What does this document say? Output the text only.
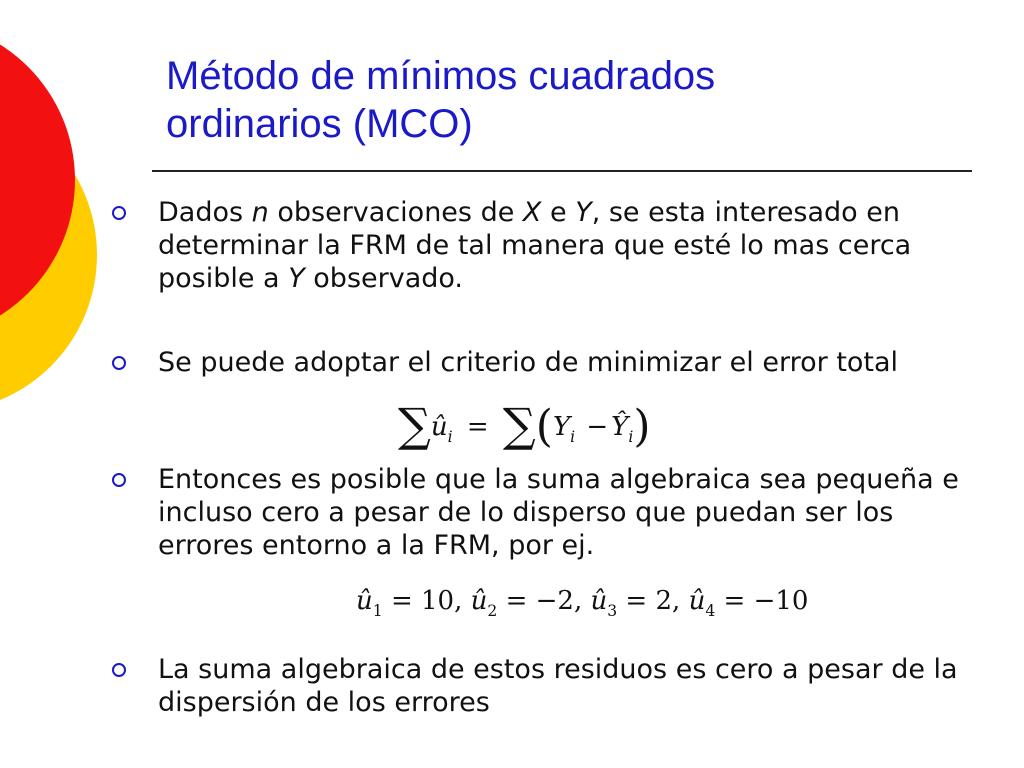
Método de mínimos cuadrados
ordinarios (MCO)
Dados n observaciones de X e Y, se esta interesado en determinar la FRM de tal manera que esté lo mas cerca posible a Y observado.
Se puede adoptar el criterio de minimizar el error total
$\sum û_i = \sum(Y_i$ − $Ŷ_i$)
Entonces es posible que la suma algebraica sea pequeña e incluso cero a pesar de lo disperso que puedan ser los errores entorno a la FRM, por ej.
$û_1 = 10$, $û_2 = -2$, $û_3 = 2$, $û_4 = -10$
La suma algebraica de estos residuos es cero a pesar de la dispersión de los errores
